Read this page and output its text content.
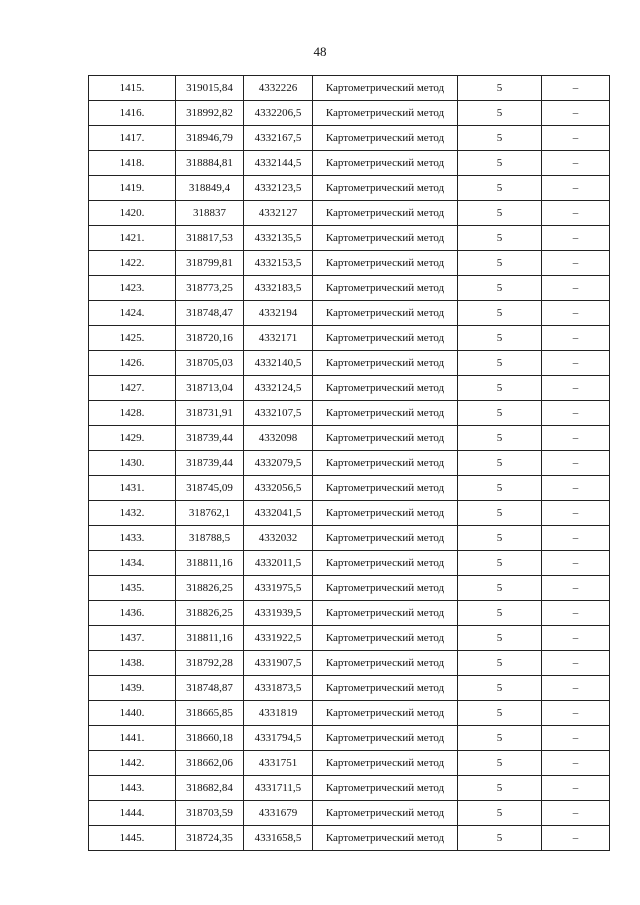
48
1415.	319015,84	4332226	Картометрический метод	5	–
1416.	318992,82	4332206,5	Картометрический метод	5	–
1417.	318946,79	4332167,5	Картометрический метод	5	–
1418.	318884,81	4332144,5	Картометрический метод	5	–
1419.	318849,4	4332123,5	Картометрический метод	5	–
1420.	318837	4332127	Картометрический метод	5	–
1421.	318817,53	4332135,5	Картометрический метод	5	–
1422.	318799,81	4332153,5	Картометрический метод	5	–
1423.	318773,25	4332183,5	Картометрический метод	5	–
1424.	318748,47	4332194	Картометрический метод	5	–
1425.	318720,16	4332171	Картометрический метод	5	–
1426.	318705,03	4332140,5	Картометрический метод	5	–
1427.	318713,04	4332124,5	Картометрический метод	5	–
1428.	318731,91	4332107,5	Картометрический метод	5	–
1429.	318739,44	4332098	Картометрический метод	5	–
1430.	318739,44	4332079,5	Картометрический метод	5	–
1431.	318745,09	4332056,5	Картометрический метод	5	–
1432.	318762,1	4332041,5	Картометрический метод	5	–
1433.	318788,5	4332032	Картометрический метод	5	–
1434.	318811,16	4332011,5	Картометрический метод	5	–
1435.	318826,25	4331975,5	Картометрический метод	5	–
1436.	318826,25	4331939,5	Картометрический метод	5	–
1437.	318811,16	4331922,5	Картометрический метод	5	–
1438.	318792,28	4331907,5	Картометрический метод	5	–
1439.	318748,87	4331873,5	Картометрический метод	5	–
1440.	318665,85	4331819	Картометрический метод	5	–
1441.	318660,18	4331794,5	Картометрический метод	5	–
1442.	318662,06	4331751	Картометрический метод	5	–
1443.	318682,84	4331711,5	Картометрический метод	5	–
1444.	318703,59	4331679	Картометрический метод	5	–
1445.	318724,35	4331658,5	Картометрический метод	5	–
